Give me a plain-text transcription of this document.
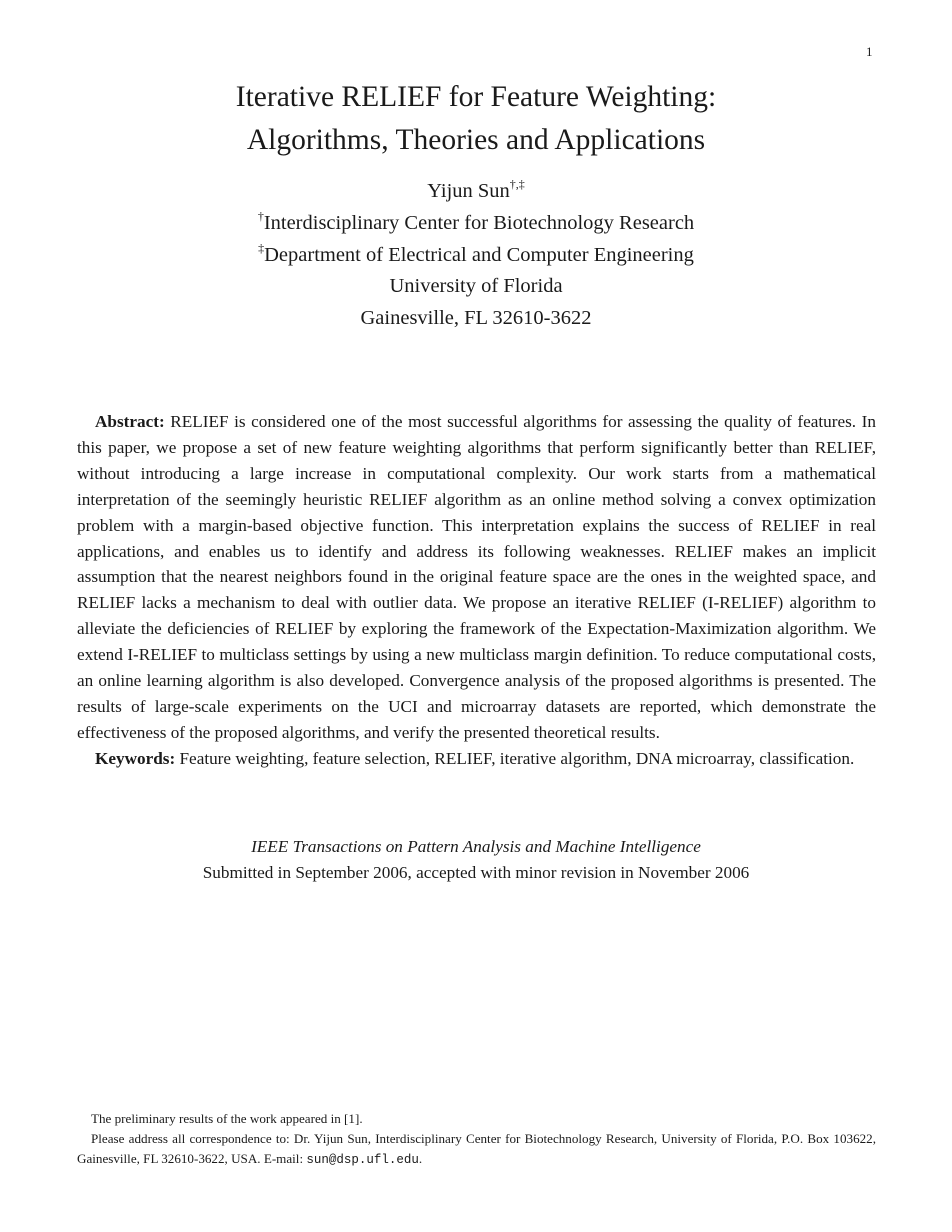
1
Iterative RELIEF for Feature Weighting:
Algorithms, Theories and Applications
Yijun Sun†,‡
†Interdisciplinary Center for Biotechnology Research
‡Department of Electrical and Computer Engineering
University of Florida
Gainesville, FL 32610-3622

Abstract: RELIEF is considered one of the most successful algorithms for assessing the quality of features. In this paper, we propose a set of new feature weighting algorithms that perform significantly better than RELIEF, without introducing a large increase in computational complexity. Our work starts from a mathematical interpretation of the seemingly heuristic RELIEF algorithm as an online method solving a convex optimization problem with a margin-based objective function. This interpretation explains the success of RELIEF in real applications, and enables us to identify and address its following weaknesses. RELIEF makes an implicit assumption that the nearest neighbors found in the original feature space are the ones in the weighted space, and RELIEF lacks a mechanism to deal with outlier data. We propose an iterative RELIEF (I-RELIEF) algorithm to alleviate the deficiencies of RELIEF by exploring the framework of the Expectation-Maximization algorithm. We extend I-RELIEF to multiclass settings by using a new multiclass margin definition. To reduce computational costs, an online learning algorithm is also developed. Convergence analysis of the proposed algorithms is presented. The results of large-scale experiments on the UCI and microarray datasets are reported, which demonstrate the effectiveness of the proposed algorithms, and verify the presented theoretical results.

Keywords: Feature weighting, feature selection, RELIEF, iterative algorithm, DNA microarray, classification.

IEEE Transactions on Pattern Analysis and Machine Intelligence
Submitted in September 2006, accepted with minor revision in November 2006

The preliminary results of the work appeared in [1].

Please address all correspondence to: Dr. Yijun Sun, Interdisciplinary Center for Biotechnology Research, University of Florida, P.O. Box 103622, Gainesville, FL 32610-3622, USA. E-mail: sun@dsp.ufl.edu.
